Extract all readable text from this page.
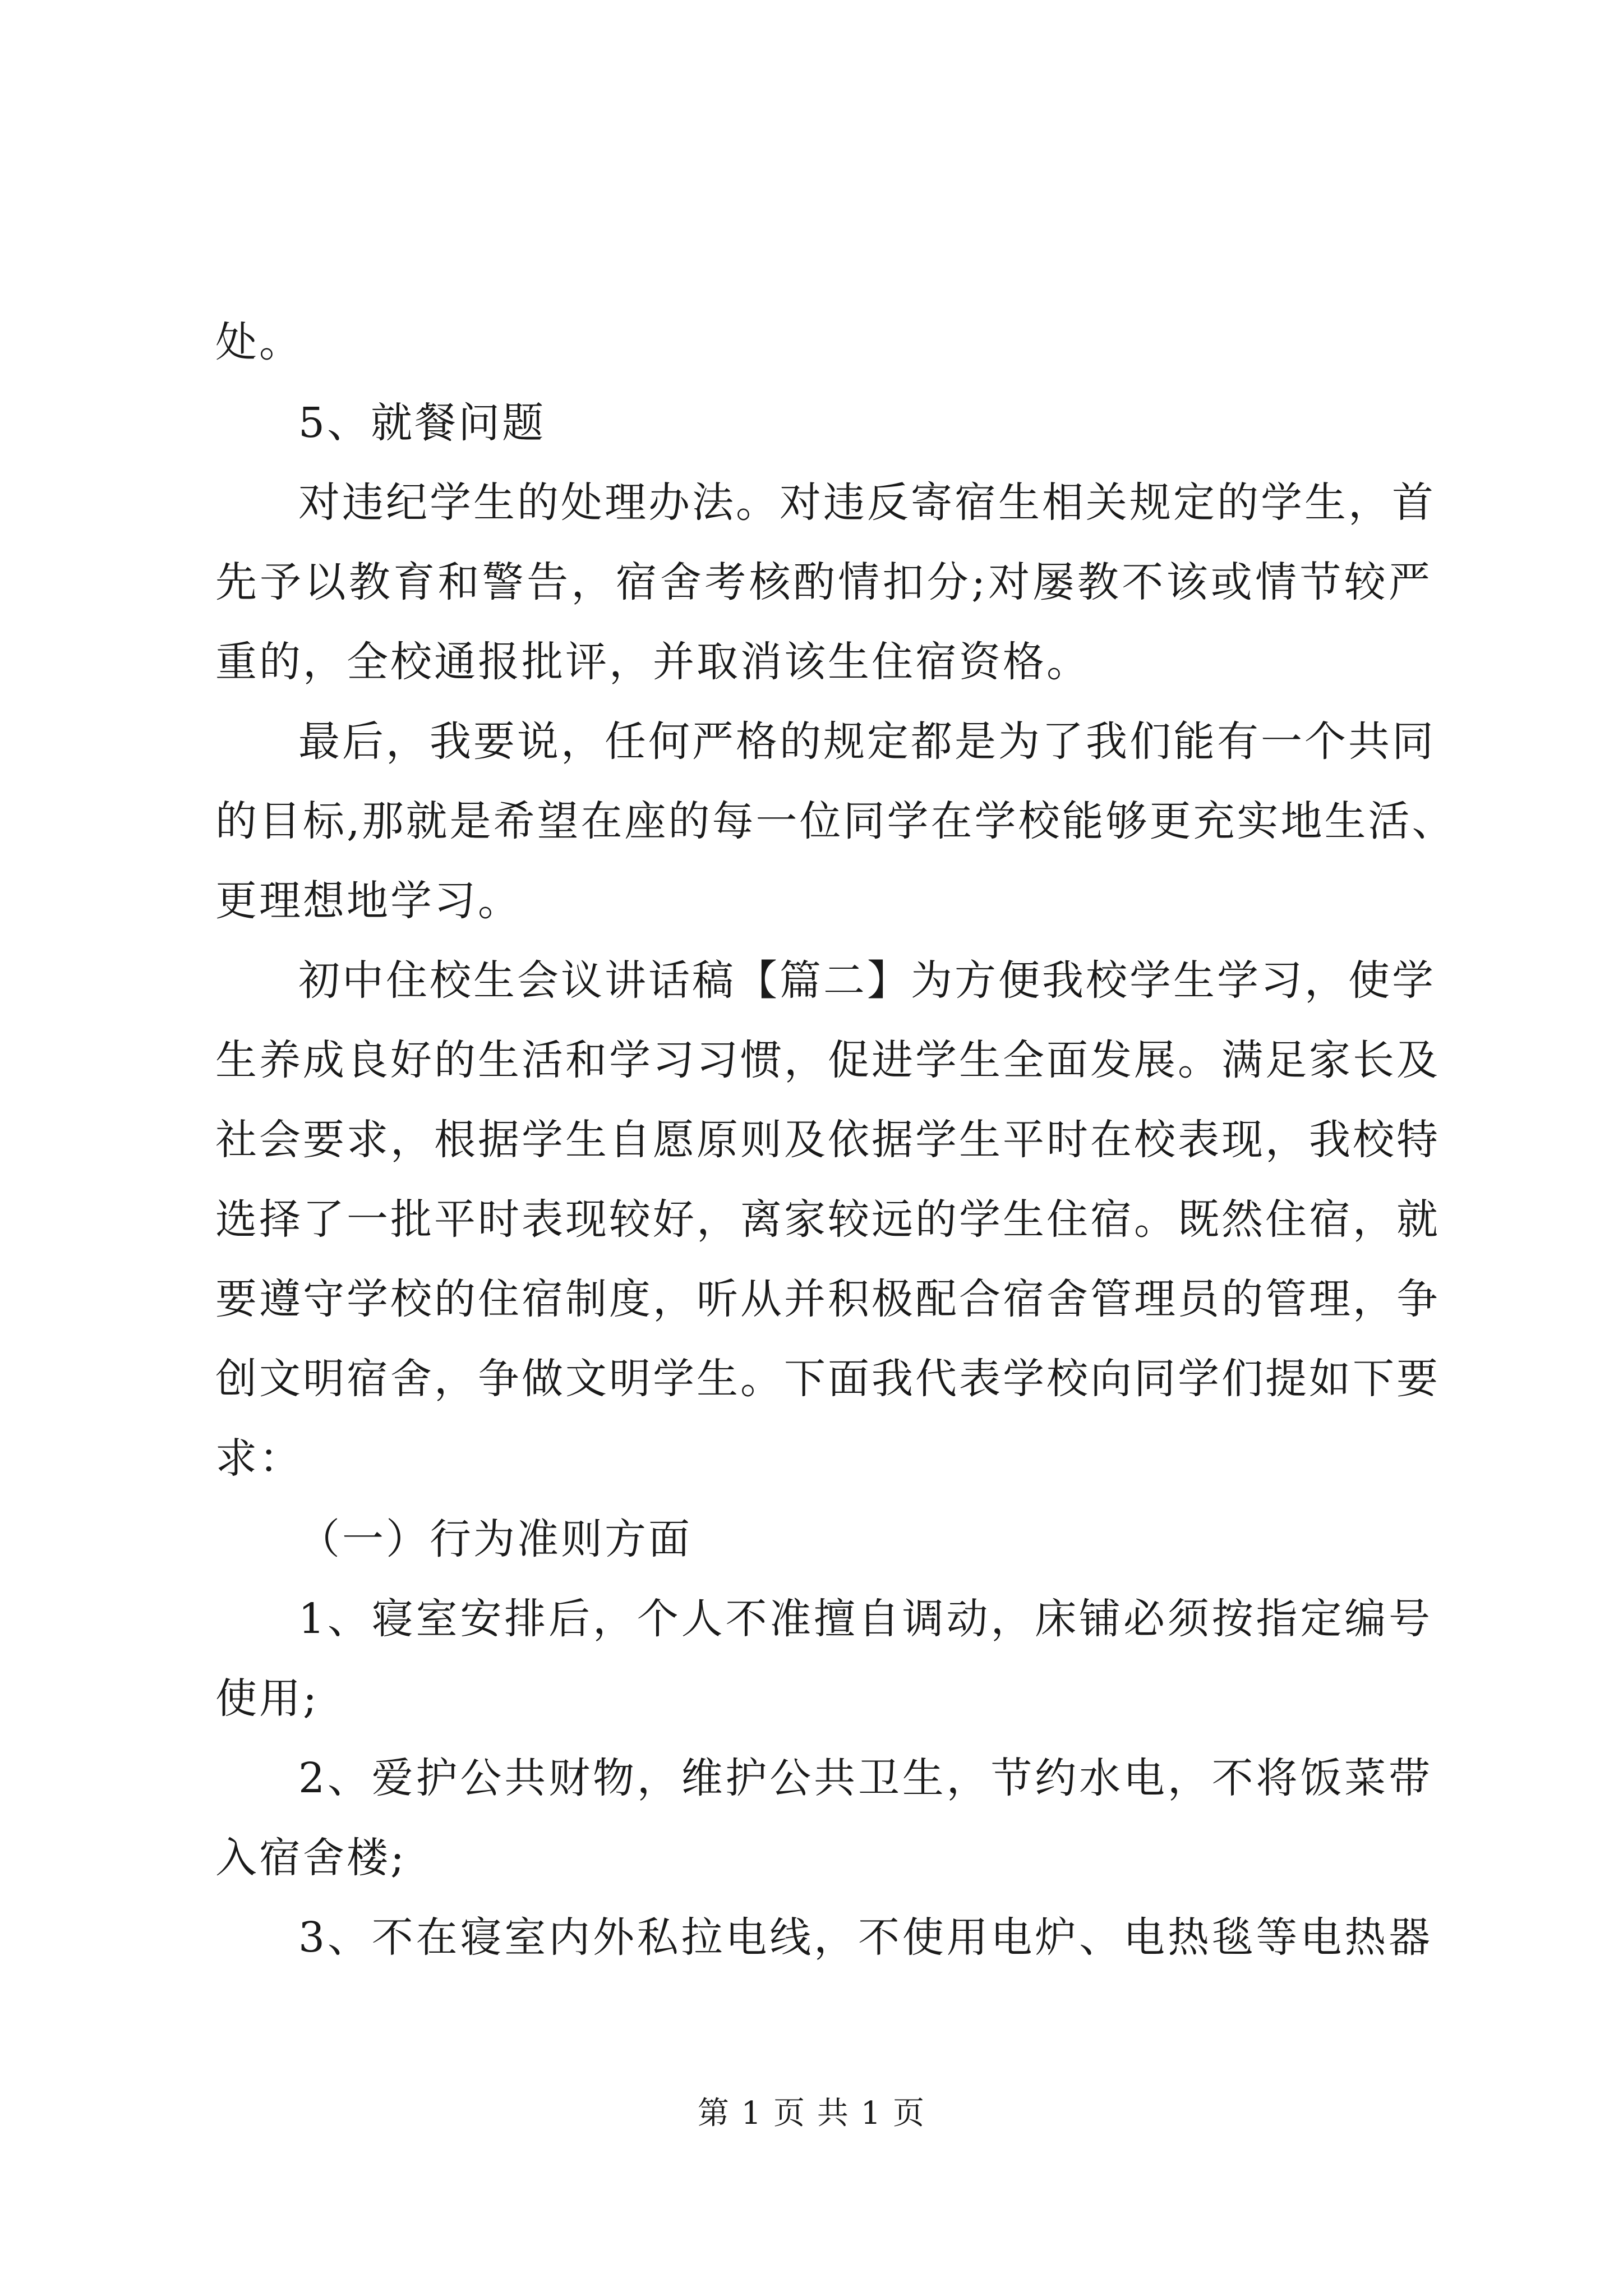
处。
5、就餐问题
对违纪学生的处理办法。对违反寄宿生相关规定的学生，首
先予以教育和警告，宿舍考核酌情扣分;对屡教不该或情节较严
重的，全校通报批评，并取消该生住宿资格。
最后，我要说，任何严格的规定都是为了我们能有一个共同
的目标,那就是希望在座的每一位同学在学校能够更充实地生活、
更理想地学习。
初中住校生会议讲话稿【篇二】为方便我校学生学习，使学
生养成良好的生活和学习习惯，促进学生全面发展。满足家长及
社会要求，根据学生自愿原则及依据学生平时在校表现，我校特
选择了一批平时表现较好，离家较远的学生住宿。既然住宿，就
要遵守学校的住宿制度，听从并积极配合宿舍管理员的管理，争
创文明宿舍，争做文明学生。下面我代表学校向同学们提如下要
求：
（一）行为准则方面
1、寝室安排后，个人不准擅自调动，床铺必须按指定编号
使用;
2、爱护公共财物，维护公共卫生，节约水电，不将饭菜带
入宿舍楼;
3、不在寝室内外私拉电线，不使用电炉、电热毯等电热器
第 1 页 共 1 页
